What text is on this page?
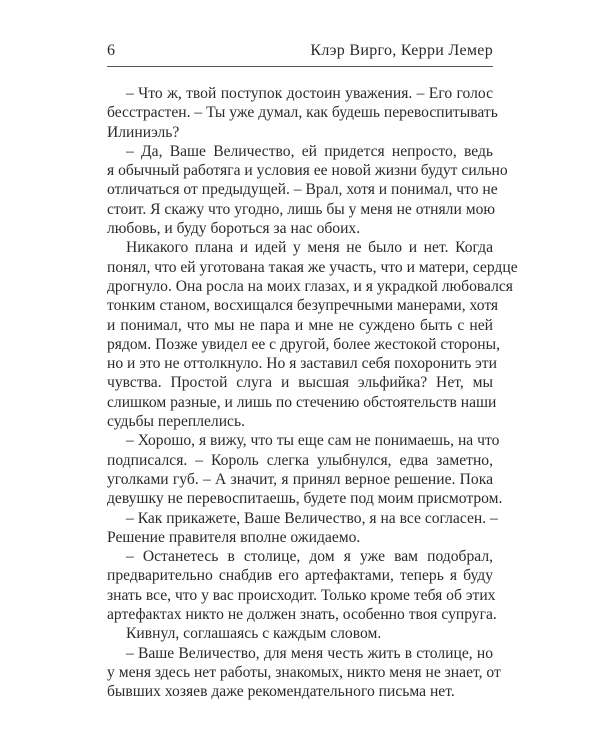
6	Клэр Вирго, Керри Лемер
– Что ж, твой поступок достоин уважения. – Его голос
бесстрастен. – Ты уже думал, как будешь перевоспитывать
Илиниэль?
– Да, Ваше Величество, ей придется непросто, ведь
я обычный работяга и условия ее новой жизни будут сильно
отличаться от предыдущей. – Врал, хотя и понимал, что не
стоит. Я скажу что угодно, лишь бы у меня не отняли мою
любовь, и буду бороться за нас обоих.
Никакого плана и идей у меня не было и нет. Когда
понял, что ей уготована такая же участь, что и матери, сердце
дрогнуло. Она росла на моих глазах, и я украдкой любовался
тонким станом, восхищался безупречными манерами, хотя
и понимал, что мы не пара и мне не суждено быть с ней
рядом. Позже увидел ее с другой, более жестокой стороны,
но и это не оттолкнуло. Но я заставил себя похоронить эти
чувства. Простой слуга и высшая эльфийка? Нет, мы
слишком разные, и лишь по стечению обстоятельств наши
судьбы переплелись.
– Хорошо, я вижу, что ты еще сам не понимаешь, на что
подписался. – Король слегка улыбнулся, едва заметно,
уголками губ. – А значит, я принял верное решение. Пока
девушку не перевоспитаешь, будете под моим присмотром.
– Как прикажете, Ваше Величество, я на все согласен. –
Решение правителя вполне ожидаемо.
– Останетесь в столице, дом я уже вам подобрал,
предварительно снабдив его артефактами, теперь я буду
знать все, что у вас происходит. Только кроме тебя об этих
артефактах никто не должен знать, особенно твоя супруга.
Кивнул, соглашаясь с каждым словом.
– Ваше Величество, для меня честь жить в столице, но
у меня здесь нет работы, знакомых, никто меня не знает, от
бывших хозяев даже рекомендательного письма нет.
